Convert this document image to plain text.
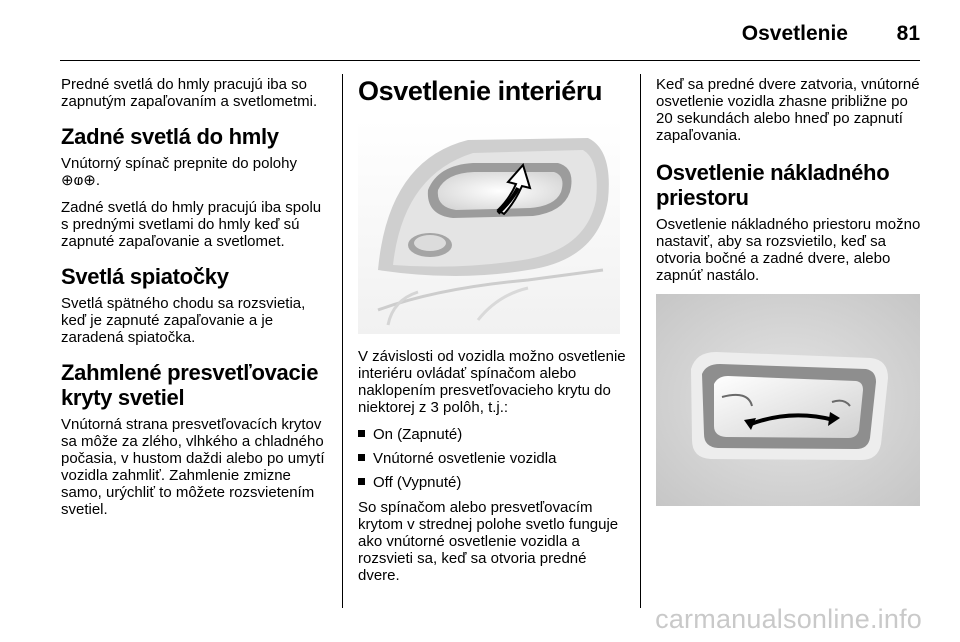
Osvetlenie 81

Predné svetlá do hmly pracujú iba so zapnutým zapaľovaním a svetlometmi.

Zadné svetlá do hmly

Vnútorný spínač prepnite do polohy ⊕ⱷ⊕.

Zadné svetlá do hmly pracujú iba spolu s prednými svetlami do hmly keď sú zapnuté zapaľovanie a svetlomet.

Svetlá spiatočky

Svetlá spätného chodu sa rozsvietia, keď je zapnuté zapaľovanie a je zaradená spiatočka.

Zahmlené presvetľovacie kryty svetiel

Vnútorná strana presvetľovacích krytov sa môže za zlého, vlhkého a chladného počasia, v hustom daždi alebo po umytí vozidla zahmliť. Zahmlenie zmizne samo, urýchliť to môžete rozsvietením svetiel.

Osvetlenie interiéru

V závislosti od vozidla možno osvetlenie interiéru ovládať spínačom alebo naklopením presvetľovacieho krytu do niektorej z 3 polôh, t.j.:

On (Zapnuté)
Vnútorné osvetlenie vozidla
Off (Vypnuté)

So spínačom alebo presvetľovacím krytom v strednej polohe svetlo funguje ako vnútorné osvetlenie vozidla a rozsvieti sa, keď sa otvoria predné dvere.

Keď sa predné dvere zatvoria, vnútorné osvetlenie vozidla zhasne približne po 20 sekundách alebo hneď po zapnutí zapaľovania.

Osvetlenie nákladného priestoru

Osvetlenie nákladného priestoru možno nastaviť, aby sa rozsvietilo, keď sa otvoria bočné a zadné dvere, alebo zapnúť nastálo.

carmanualsonline.info
